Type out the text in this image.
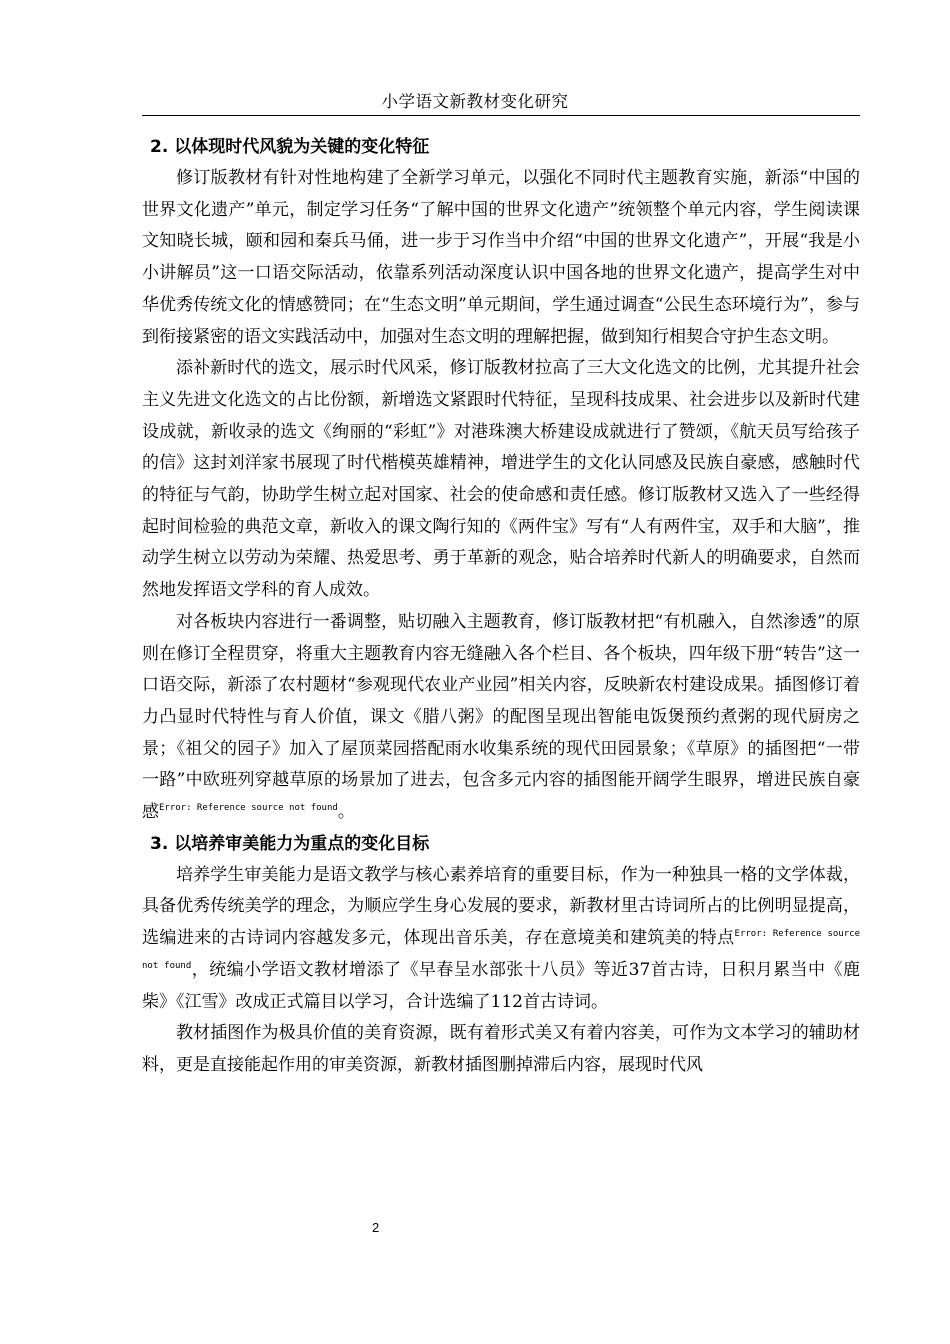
小学语文新教材变化研究
2. 以体现时代风貌为关键的变化特征

修订版教材有针对性地构建了全新学习单元，以强化不同时代主题教育实施，新添“中国的世界文化遗产”单元，制定学习任务“了解中国的世界文化遗产”统领整个单元内容，学生阅读课文知晓长城，颐和园和秦兵马俑，进一步于习作当中介绍“中国的世界文化遗产”，开展“我是小小讲解员”这一口语交际活动，依靠系列活动深度认识中国各地的世界文化遗产，提高学生对中华优秀传统文化的情感赞同；在“生态文明”单元期间，学生通过调查“公民生态环境行为”，参与到衔接紧密的语文实践活动中，加强对生态文明的理解把握，做到知行相契合守护生态文明。

添补新时代的选文，展示时代风采，修订版教材拉高了三大文化选文的比例，尤其提升社会主义先进文化选文的占比份额，新增选文紧跟时代特征，呈现科技成果、社会进步以及新时代建设成就，新收录的选文《绚丽的“彩虹”》对港珠澳大桥建设成就进行了赞颂，《航天员写给孩子的信》这封刘洋家书展现了时代楷模英雄精神，增进学生的文化认同感及民族自豪感，感触时代的特征与气韵，协助学生树立起对国家、社会的使命感和责任感。修订版教材又选入了一些经得起时间检验的典范文章，新收入的课文陶行知的《两件宝》写有“人有两件宝，双手和大脑”，推动学生树立以劳动为荣耀、热爱思考、勇于革新的观念，贴合培养时代新人的明确要求，自然而然地发挥语文学科的育人成效。

对各板块内容进行一番调整，贴切融入主题教育，修订版教材把“有机融入，自然渗透”的原则在修订全程贯穿，将重大主题教育内容无缝融入各个栏目、各个板块，四年级下册“转告”这一口语交际，新添了农村题材“参观现代农业产业园”相关内容，反映新农村建设成果。插图修订着力凸显时代特性与育人价值，课文《腊八粥》的配图呈现出智能电饭煲预约煮粥的现代厨房之景；《祖父的园子》加入了屋顶菜园搭配雨水收集系统的现代田园景象；《草原》的插图把“一带一路”中欧班列穿越草原的场景加了进去，包含多元内容的插图能开阔学生眼界，增进民族自豪感$^{Error: Reference source not found}$。

3. 以培养审美能力为重点的变化目标

培养学生审美能力是语文教学与核心素养培育的重要目标，作为一种独具一格的文学体裁，具备优秀传统美学的理念，为顺应学生身心发展的要求，新教材里古诗词所占的比例明显提高，选编进来的古诗词内容越发多元，体现出音乐美，存在意境美和建筑美的特点$^{Error: Reference source not found}$，统编小学语文教材增添了《早春呈水部张十八员》等近37首古诗，日积月累当中《鹿柴》《江雪》改成正式篇目以学习，合计选编了112首古诗词。

教材插图作为极具价值的美育资源，既有着形式美又有着内容美，可作为文本学习的辅助材料，更是直接能起作用的审美资源，新教材插图删掉滞后内容，展现时代风

2
